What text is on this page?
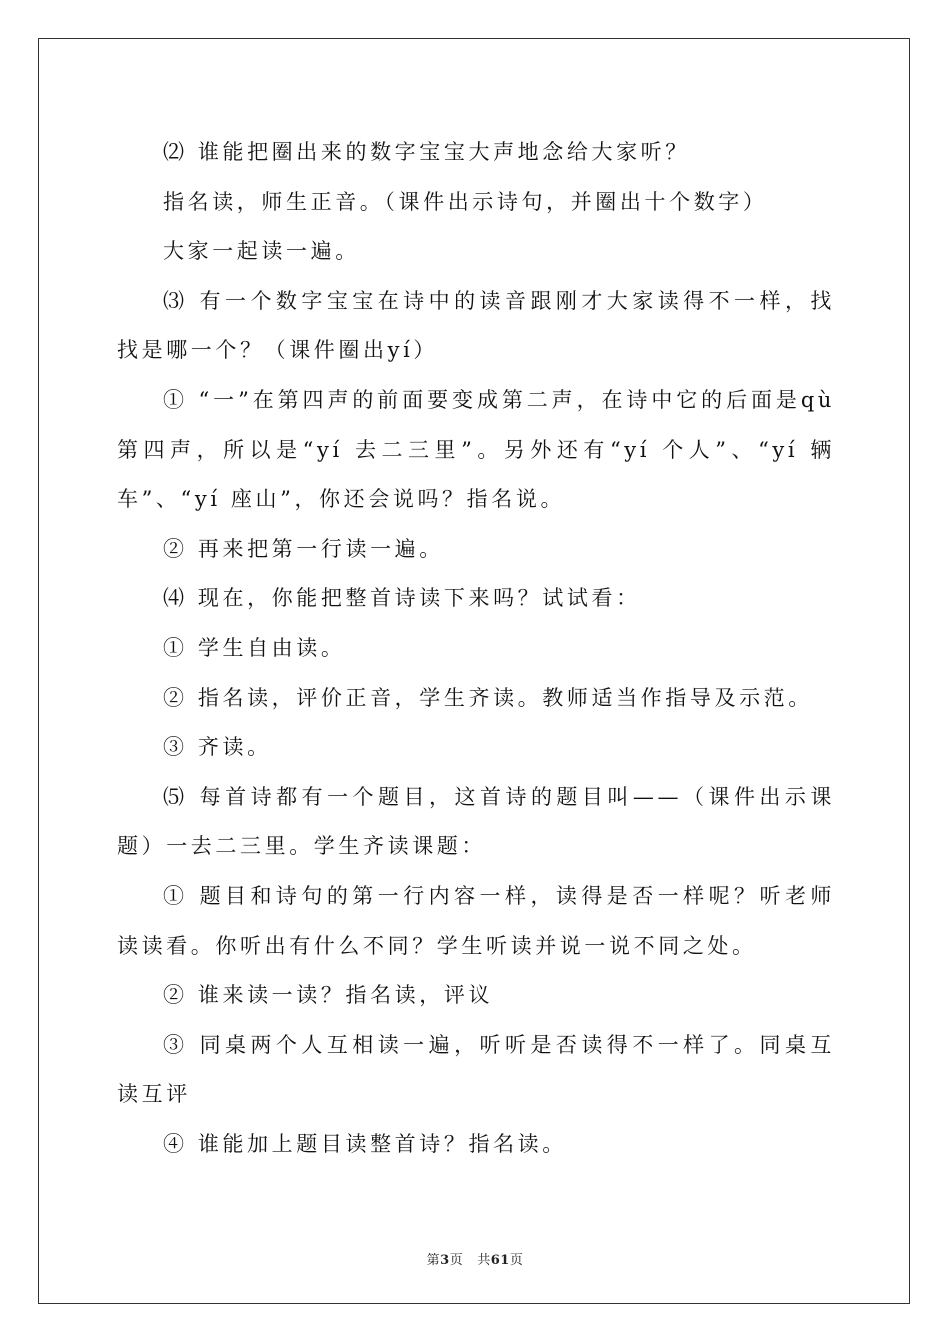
⑵ 谁能把圈出来的数字宝宝大声地念给大家听？

指名读，师生正音。（课件出示诗句，并圈出十个数字）

大家一起读一遍。

⑶ 有一个数字宝宝在诗中的读音跟刚才大家读得不一样，找找是哪一个？（课件圈出yí）

① “一”在第四声的前面要变成第二声，在诗中它的后面是qù 第四声，所以是“yí 去二三里”。另外还有“yí 个人”、“yí 辆车”、“yí 座山”，你还会说吗？指名说。

② 再来把第一行读一遍。

⑷ 现在，你能把整首诗读下来吗？试试看：

① 学生自由读。

② 指名读，评价正音，学生齐读。教师适当作指导及示范。

③ 齐读。

⑸ 每首诗都有一个题目，这首诗的题目叫——（课件出示课题）一去二三里。学生齐读课题：

① 题目和诗句的第一行内容一样，读得是否一样呢？听老师读读看。你听出有什么不同？学生听读并说一说不同之处。

② 谁来读一读？指名读，评议

③ 同桌两个人互相读一遍，听听是否读得不一样了。同桌互读互评

④ 谁能加上题目读整首诗？指名读。

第3页 共61页
